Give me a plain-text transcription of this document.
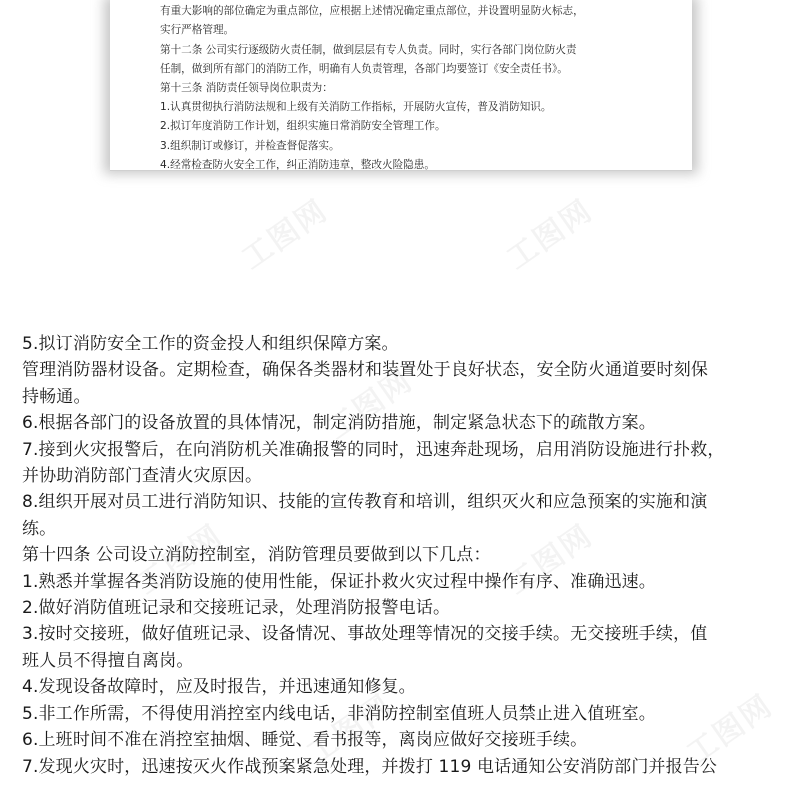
有重大影响的部位确定为重点部位，应根据上述情况确定重点部位，并设置明显防火标志，
实行严格管理。
第十二条 公司实行逐级防火责任制，做到层层有专人负责。同时，实行各部门岗位防火责
任制，做到所有部门的消防工作，明确有人负责管理，各部门均要签订《安全责任书》。
第十三条 消防责任领导岗位职责为：
1.认真贯彻执行消防法规和上级有关消防工作指标，开展防火宣传，普及消防知识。
2.拟订年度消防工作计划，组织实施日常消防安全管理工作。
3.组织制订或修订，并检查督促落实。
4.经常检查防火安全工作，纠正消防违章，整改火险隐患。
5.拟订消防安全工作的资金投人和组织保障方案。
管理消防器材设备。定期检查，确保各类器材和装置处于良好状态，安全防火通道要时刻保
持畅通。
6.根据各部门的设备放置的具体情况，制定消防措施，制定紧急状态下的疏散方案。
7.接到火灾报警后，在向消防机关准确报警的同时，迅速奔赴现场，启用消防设施进行扑救，
并协助消防部门查清火灾原因。
8.组织开展对员工进行消防知识、技能的宣传教育和培训，组织灭火和应急预案的实施和演
练。
第十四条 公司设立消防控制室，消防管理员要做到以下几点：
1.熟悉并掌握各类消防设施的使用性能，保证扑救火灾过程中操作有序、准确迅速。
2.做好消防值班记录和交接班记录，处理消防报警电话。
3.按时交接班，做好值班记录、设备情况、事故处理等情况的交接手续。无交接班手续，值
班人员不得擅自离岗。
4.发现设备故障时，应及时报告，并迅速通知修复。
5.非工作所需，不得使用消控室内线电话，非消防控制室值班人员禁止进入值班室。
6.上班时间不准在消控室抽烟、睡觉、看书报等，离岗应做好交接班手续。
7.发现火灾时，迅速按灭火作战预案紧急处理，并拨打 119 电话通知公安消防部门并报告公
